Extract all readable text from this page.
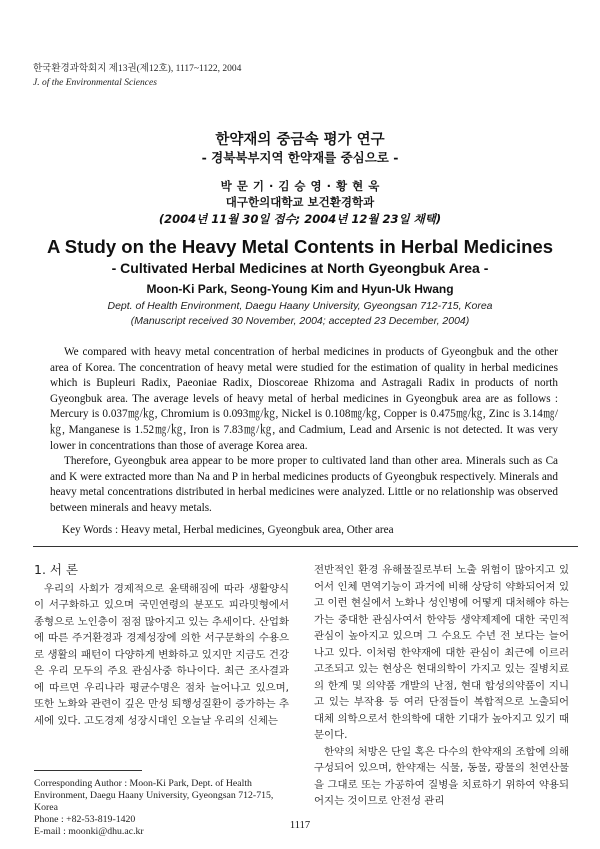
한국환경과학회지 제13권(제12호), 1117~1122, 2004
J. of the Environmental Sciences
한약재의 중금속 평가 연구
- 경북북부지역 한약재를 중심으로 -
박 문 기 · 김 승 영 · 황 현 욱
대구한의대학교 보건환경학과
(2004년 11월 30일 접수; 2004년 12월 23일 채택)
A Study on the Heavy Metal Contents in Herbal Medicines
- Cultivated Herbal Medicines at North Gyeongbuk Area -
Moon-Ki Park, Seong-Young Kim and Hyun-Uk Hwang
Dept. of Health Environment, Daegu Haany University, Gyeongsan 712-715, Korea
(Manuscript received 30 November, 2004; accepted 23 December, 2004)

We compared with heavy metal concentration of herbal medicines in products of Gyeongbuk and the other area of Korea. The concentration of heavy metal were studied for the estimation of quality in herbal medicines which is Bupleuri Radix, Paeoniae Radix, Dioscoreae Rhizoma and Astragali Radix in products of north Gyeongbuk area. The average levels of heavy metal of herbal medicines in Gyeongbuk area are as follows : Mercury is 0.037㎎/㎏, Chromium is 0.093㎎/㎏, Nickel is 0.108㎎/㎏, Copper is 0.475㎎/㎏, Zinc is 3.14㎎/㎏, Manganese is 1.52㎎/㎏, Iron is 7.83㎎/㎏, and Cadmium, Lead and Arsenic is not detected. It was very lower in concentrations than those of average Korea area.

Therefore, Gyeongbuk area appear to be more proper to cultivated land than other area. Minerals such as Ca and K were extracted more than Na and P in herbal medicines products of Gyeongbuk respectively. Minerals and heavy metal concentrations distributed in herbal medicines were analyzed. Little or no relationship was observed between minerals and heavy metals.

Key Words : Heavy metal, Herbal medicines, Gyeongbuk area, Other area
1. 서 론

우리의 사회가 경제적으로 윤택해짐에 따라 생활양식이 서구화하고 있으며 국민연령의 분포도 피라밋형에서 종형으로 노인층이 점점 많아지고 있는 추세이다. 산업화에 따른 주거환경과 경제성장에 의한 서구문화의 수용으로 생활의 패턴이 다양하게 변화하고 있지만 지금도 건강은 우리 모두의 주요 관심사중 하나이다. 최근 조사결과에 따르면 우리나라 평균수명은 점차 늘어나고 있으며, 또한 노화와 관련이 깊은 만성 퇴행성질환이 증가하는 추세에 있다. 고도경제 성장시대인 오늘날 우리의 신체는

전반적인 환경 유해물질로부터 노출 위험이 많아지고 있어서 인체 면역기능이 과거에 비해 상당히 약화되어져 있고 이런 현실에서 노화나 성인병에 어떻게 대처해야 하는가는 중대한 관심사여서 한약등 생약제제에 대한 국민적 관심이 높아지고 있으며 그 수요도 수년 전 보다는 늘어나고 있다. 이처럼 한약재에 대한 관심이 최근에 이르러 고조되고 있는 현상은 현대의학이 가지고 있는 질병치료의 한계 및 의약품 개발의 난점, 현대 합성의약품이 지니고 있는 부작용 등 여러 단점들이 복합적으로 노출되어 대체 의학으로서 한의학에 대한 기대가 높아지고 있기 때문이다.

한약의 처방은 단일 혹은 다수의 한약재의 조합에 의해 구성되어 있으며, 한약재는 식물, 동물, 광물의 천연산물을 그대로 또는 가공하여 질병을 치료하기 위하여 약용되어지는 것이므로 안전성 관리

Corresponding Author : Moon-Ki Park, Dept. of Health Environment, Daegu Haany University, Gyeongsan 712-715, Korea
Phone : +82-53-819-1420
E-mail : moonki@dhu.ac.kr
1117
